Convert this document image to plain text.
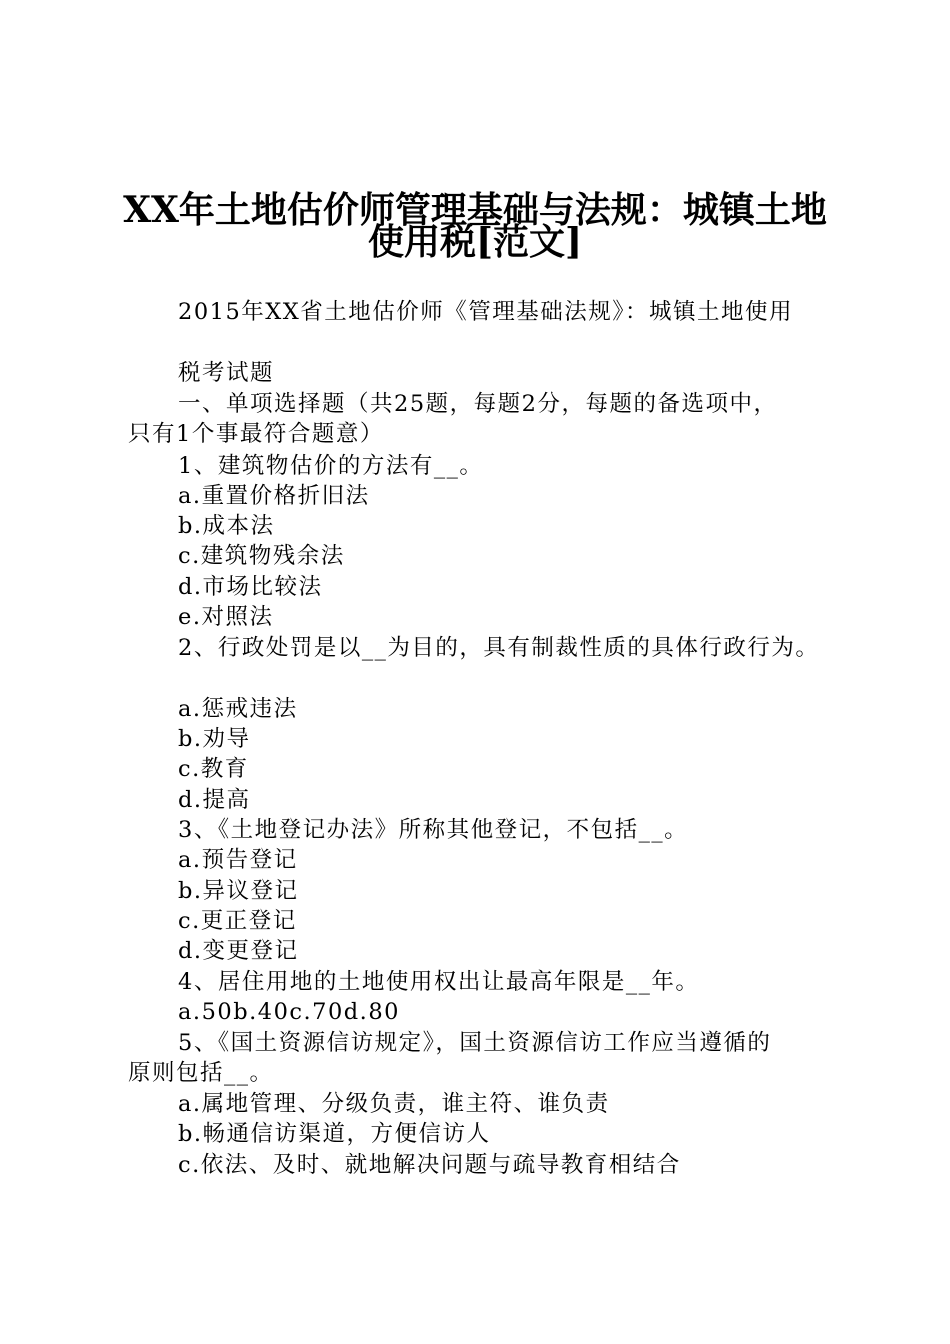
XX年土地估价师管理基础与法规：城镇土地
使用税[范文]
2015年XX省土地估价师《管理基础法规》：城镇土地使用
税考试题
一、单项选择题（共25题，每题2分，每题的备选项中，
只有1个事最符合题意）
1、建筑物估价的方法有__。
a.重置价格折旧法
b.成本法
c.建筑物残余法
d.市场比较法
e.对照法
2、行政处罚是以__为目的，具有制裁性质的具体行政行为。
a.惩戒违法
b.劝导
c.教育
d.提高
3、《土地登记办法》所称其他登记，不包括__。
a.预告登记
b.异议登记
c.更正登记
d.变更登记
4、居住用地的土地使用权出让最高年限是__年。
a.50b.40c.70d.80
5、《国土资源信访规定》，国土资源信访工作应当遵循的
原则包括__。
a.属地管理、分级负责，谁主符、谁负责
b.畅通信访渠道，方便信访人
c.依法、及时、就地解决问题与疏导教育相结合
